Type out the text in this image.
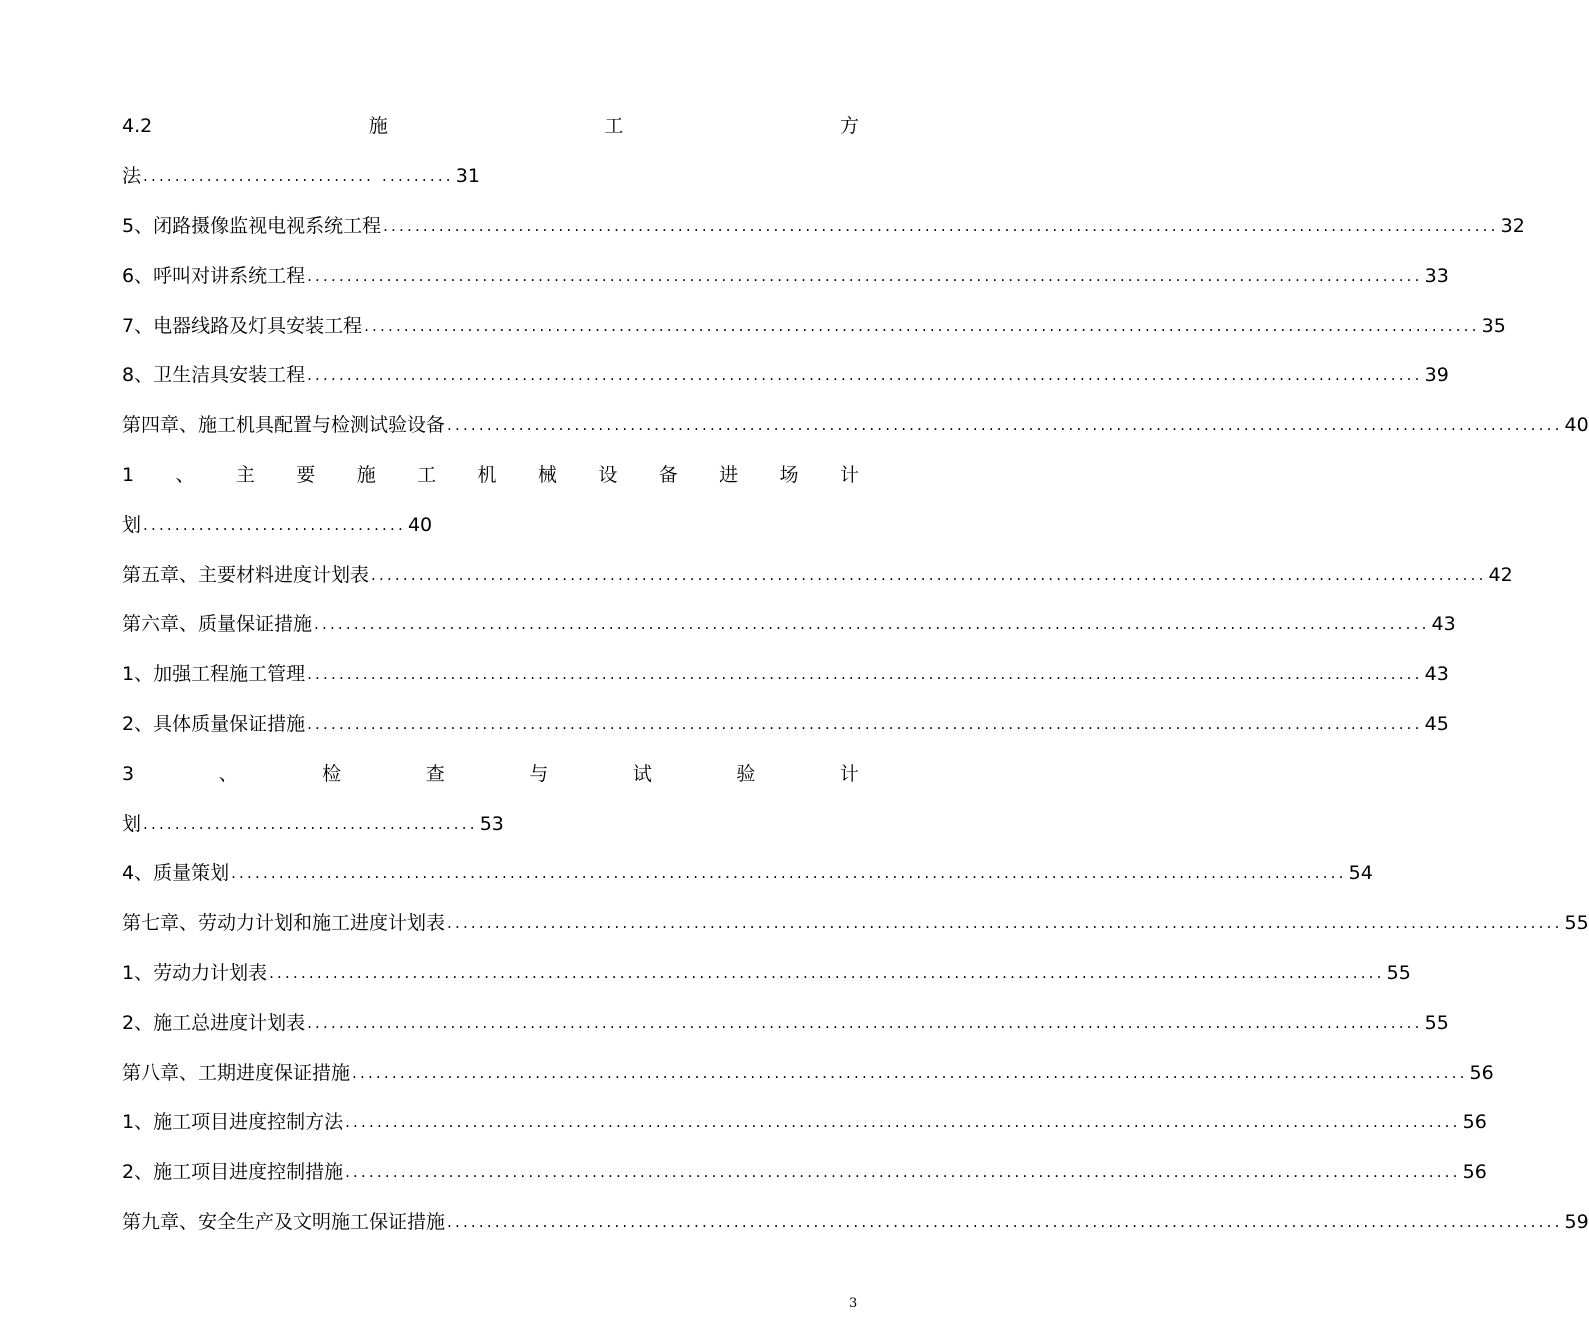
4.2	施	工	方
法 ............................. ......... 31
5、闭路摄像监视电视系统工程 ............................................................................................................................................ 32
6、呼叫对讲系统工程 ............................................................................................................................................ 33
7、电器线路及灯具安装工程 ............................................................................................................................................ 35
8、卫生洁具安装工程 ............................................................................................................................................ 39
第四章、施工机具配置与检测试验设备 ............................................................................................................................................ 40
1 、 主 要 施 工 机 械 设 备 进 场 计
划 ................................. 40
第五章、主要材料进度计划表 ............................................................................................................................................ 42
第六章、质量保证措施 ............................................................................................................................................ 43
1、加强工程施工管理 ............................................................................................................................................ 43
2、具体质量保证措施 ............................................................................................................................................ 45
3	、	检	查	与	试	验	计
划 .......................................... 53
4、质量策划 ............................................................................................................................................ 54
第七章、劳动力计划和施工进度计划表 ............................................................................................................................................ 55
1、劳动力计划表 ............................................................................................................................................ 55
2、施工总进度计划表 ............................................................................................................................................ 55
第八章、工期进度保证措施 ............................................................................................................................................ 56
1、施工项目进度控制方法 ............................................................................................................................................ 56
2、施工项目进度控制措施 ............................................................................................................................................ 56
第九章、安全生产及文明施工保证措施 ............................................................................................................................................ 59
3
